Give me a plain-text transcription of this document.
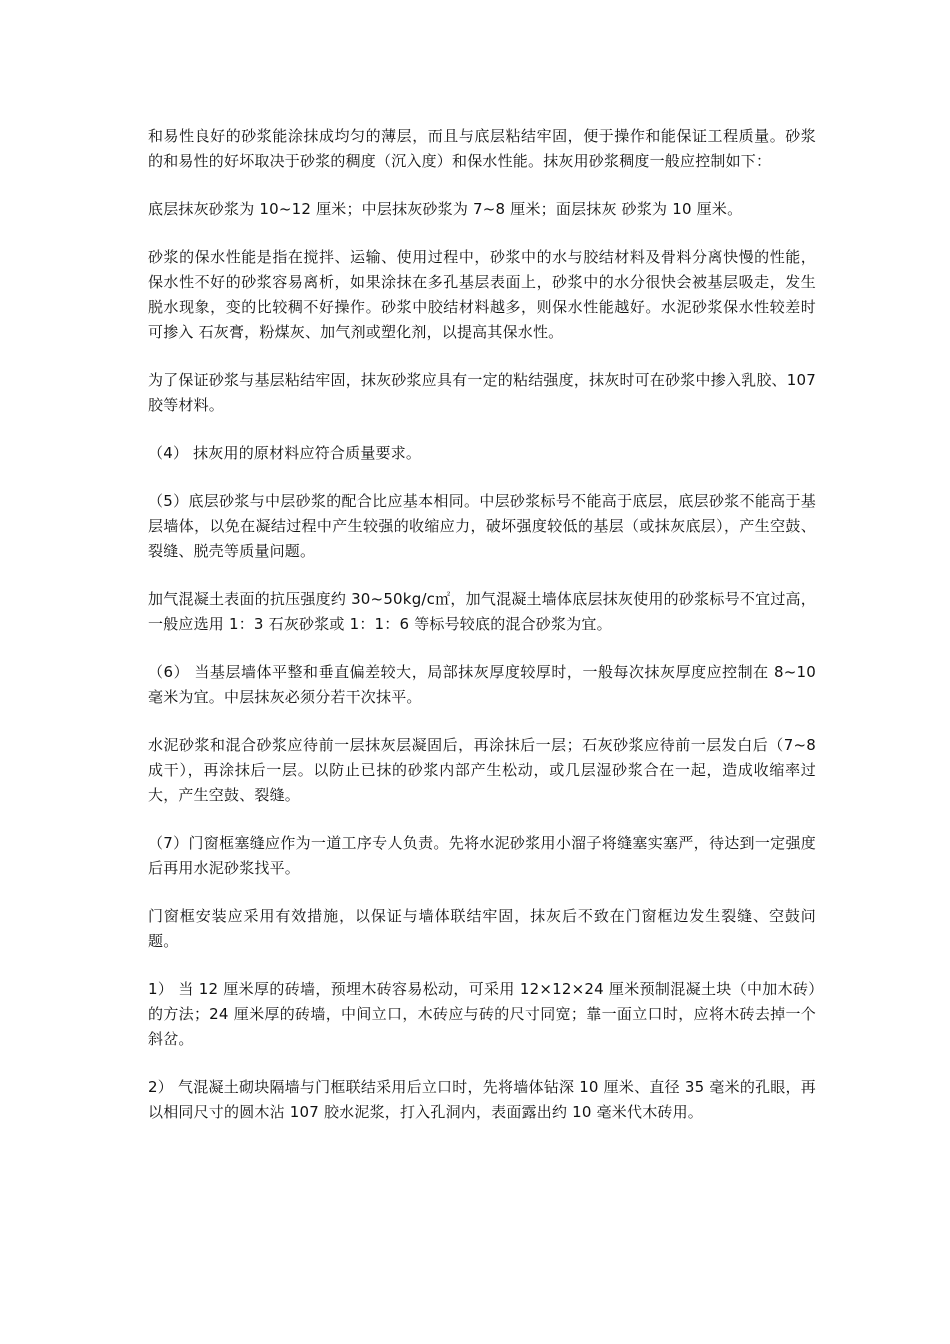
和易性良好的砂浆能涂抹成均匀的薄层，而且与底层粘结牢固，便于操作和能保证工程质量。砂浆的和易性的好坏取决于砂浆的稠度（沉入度）和保水性能。抹灰用砂浆稠度一般应控制如下：

底层抹灰砂浆为 10~12 厘米；中层抹灰砂浆为 7~8 厘米；面层抹灰 砂浆为 10 厘米。

砂浆的保水性能是指在搅拌、运输、使用过程中，砂浆中的水与胶结材料及骨料分离快慢的性能，保水性不好的砂浆容易离析，如果涂抹在多孔基层表面上，砂浆中的水分很快会被基层吸走，发生脱水现象，变的比较稠不好操作。砂浆中胶结材料越多，则保水性能越好。水泥砂浆保水性较差时可掺入 石灰膏，粉煤灰、加气剂或塑化剂，以提高其保水性。

为了保证砂浆与基层粘结牢固，抹灰砂浆应具有一定的粘结强度，抹灰时可在砂浆中掺入乳胶、107 胶等材料。

（4） 抹灰用的原材料应符合质量要求。

（5）底层砂浆与中层砂浆的配合比应基本相同。中层砂浆标号不能高于底层，底层砂浆不能高于基层墙体，以免在凝结过程中产生较强的收缩应力，破坏强度较低的基层（或抹灰底层），产生空鼓、裂缝、脱壳等质量问题。

加气混凝土表面的抗压强度约 30~50kg/c㎡，加气混凝土墙体底层抹灰使用的砂浆标号不宜过高，一般应选用 1：3 石灰砂浆或 1：1：6 等标号较底的混合砂浆为宜。

（6） 当基层墙体平整和垂直偏差较大，局部抹灰厚度较厚时，一般每次抹灰厚度应控制在 8~10 毫米为宜。中层抹灰必须分若干次抹平。

水泥砂浆和混合砂浆应待前一层抹灰层凝固后，再涂抹后一层；石灰砂浆应待前一层发白后（7~8 成干），再涂抹后一层。以防止已抹的砂浆内部产生松动，或几层湿砂浆合在一起，造成收缩率过大，产生空鼓、裂缝。

（7）门窗框塞缝应作为一道工序专人负责。先将水泥砂浆用小溜子将缝塞实塞严，待达到一定强度后再用水泥砂浆找平。

门窗框安装应采用有效措施，以保证与墙体联结牢固，抹灰后不致在门窗框边发生裂缝、空鼓问题。

1） 当 12 厘米厚的砖墙，预埋木砖容易松动，可采用 12×12×24 厘米预制混凝土块（中加木砖）的方法；24 厘米厚的砖墙，中间立口，木砖应与砖的尺寸同宽；靠一面立口时，应将木砖去掉一个斜岔。

2） 气混凝土砌块隔墙与门框联结采用后立口时，先将墙体钻深 10 厘米、直径 35 毫米的孔眼，再以相同尺寸的圆木沾 107 胶水泥浆，打入孔洞内，表面露出约 10 毫米代木砖用。
